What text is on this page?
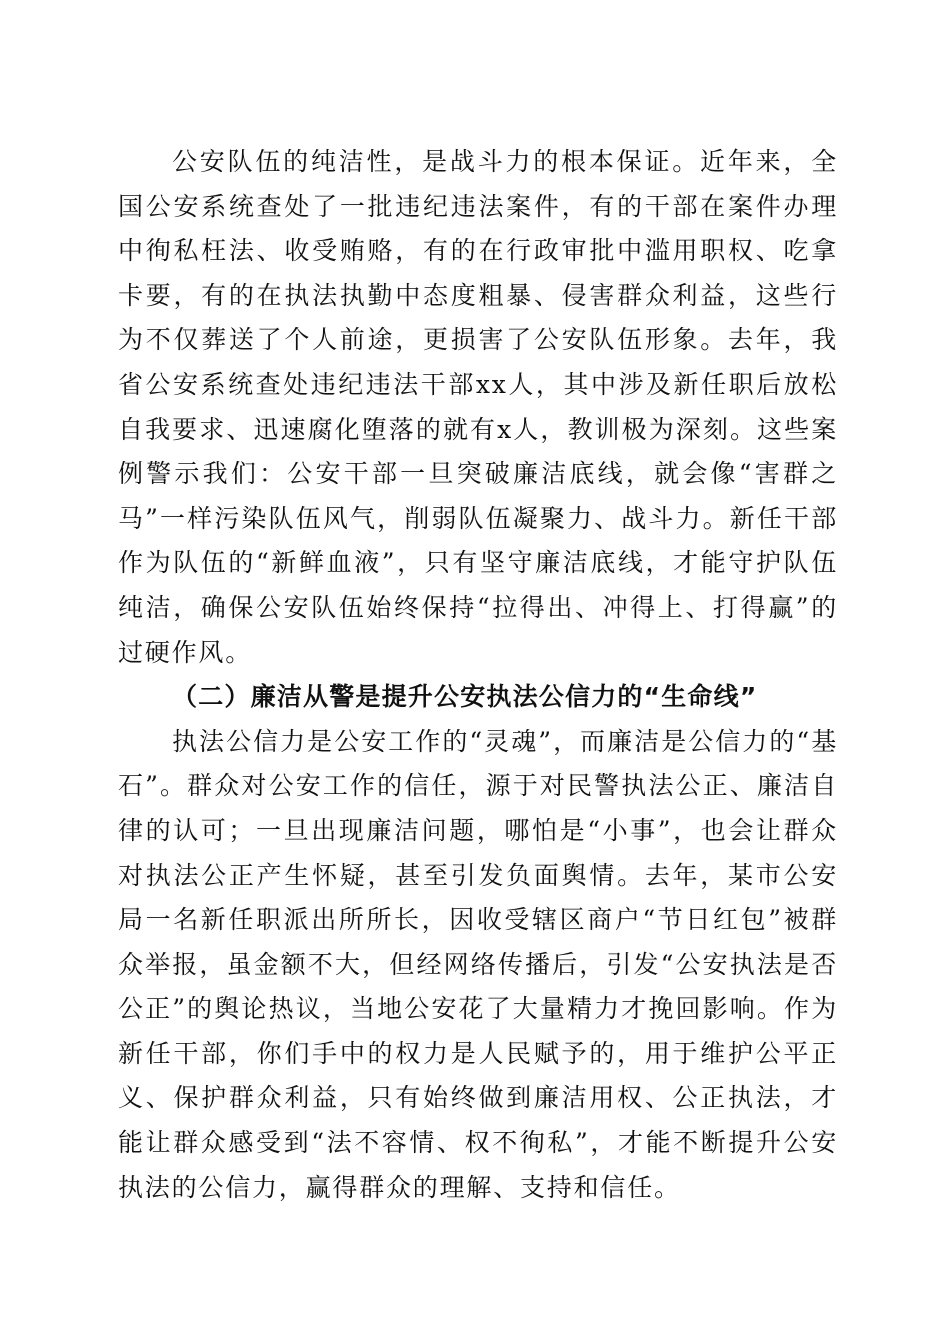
公安队伍的纯洁性，是战斗力的根本保证。近年来，全国公安系统查处了一批违纪违法案件，有的干部在案件办理中徇私枉法、收受贿赂，有的在行政审批中滥用职权、吃拿卡要，有的在执法执勤中态度粗暴、侵害群众利益，这些行为不仅葬送了个人前途，更损害了公安队伍形象。去年，我省公安系统查处违纪违法干部xx人，其中涉及新任职后放松自我要求、迅速腐化堕落的就有x人，教训极为深刻。这些案例警示我们：公安干部一旦突破廉洁底线，就会像“害群之马”一样污染队伍风气，削弱队伍凝聚力、战斗力。新任干部作为队伍的“新鲜血液”，只有坚守廉洁底线，才能守护队伍纯洁，确保公安队伍始终保持“拉得出、冲得上、打得赢”的过硬作风。

（二）廉洁从警是提升公安执法公信力的“生命线”

执法公信力是公安工作的“灵魂”，而廉洁是公信力的“基石”。群众对公安工作的信任，源于对民警执法公正、廉洁自律的认可；一旦出现廉洁问题，哪怕是“小事”，也会让群众对执法公正产生怀疑，甚至引发负面舆情。去年，某市公安局一名新任职派出所所长，因收受辖区商户“节日红包”被群众举报，虽金额不大，但经网络传播后，引发“公安执法是否公正”的舆论热议，当地公安花了大量精力才挽回影响。作为新任干部，你们手中的权力是人民赋予的，用于维护公平正义、保护群众利益，只有始终做到廉洁用权、公正执法，才能让群众感受到“法不容情、权不徇私”，才能不断提升公安执法的公信力，赢得群众的理解、支持和信任。
